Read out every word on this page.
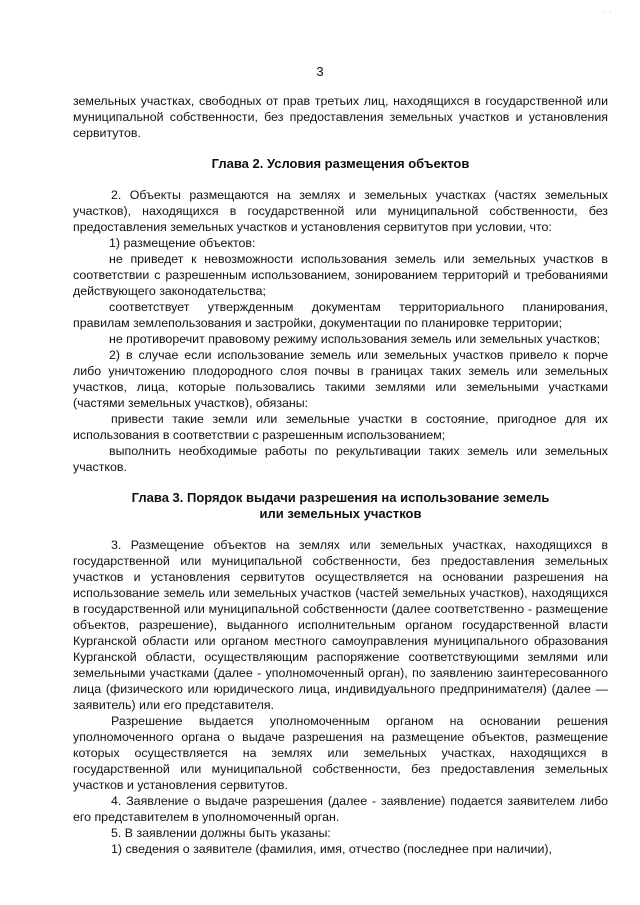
· ·
3

земельных участках, свободных от прав третьих лиц, находящихся в государственной или муниципальной собственности, без предоставления земельных участков и установления сервитутов.

Глава 2. Условия размещения объектов

2. Объекты размещаются на землях и земельных участках (частях земельных участков), находящихся в государственной или муниципальной собственности, без предоставления земельных участков и установления сервитутов при условии, что:

1) размещение объектов:

не приведет к невозможности использования земель или земельных участков в соответствии с разрешенным использованием, зонированием территорий и требованиями действующего законодательства;

соответствует утвержденным документам территориального планирования, правилам землепользования и застройки, документации по планировке территории;

не противоречит правовому режиму использования земель или земельных участков;

2) в случае если использование земель или земельных участков привело к порче либо уничтожению плодородного слоя почвы в границах таких земель или земельных участков, лица, которые пользовались такими землями или земельными участками (частями земельных участков), обязаны:

привести такие земли или земельные участки в состояние, пригодное для их использования в соответствии с разрешенным использованием;

выполнить необходимые работы по рекультивации таких земель или земельных участков.

Глава 3. Порядок выдачи разрешения на использование земель
или земельных участков

3. Размещение объектов на землях или земельных участках, находящихся в государственной или муниципальной собственности, без предоставления земельных участков и установления сервитутов осуществляется на основании разрешения на использование земель или земельных участков (частей земельных участков), находящихся в государственной или муниципальной собственности (далее соответственно - размещение объектов, разрешение), выданного исполнительным органом государственной власти Курганской области или органом местного самоуправления муниципального образования Курганской области, осуществляющим распоряжение соответствующими землями или земельными участками (далее - уполномоченный орган), по заявлению заинтересованного лица (физического или юридического лица, индивидуального предпринимателя) (далее — заявитель) или его представителя.

Разрешение выдается уполномоченным органом на основании решения уполномоченного органа о выдаче разрешения на размещение объектов, размещение которых осуществляется на землях или земельных участках, находящихся в государственной или муниципальной собственности, без предоставления земельных участков и установления сервитутов.

4. Заявление о выдаче разрешения (далее - заявление) подается заявителем либо его представителем в уполномоченный орган.

5. В заявлении должны быть указаны:

1) сведения о заявителе (фамилия, имя, отчество (последнее при наличии),
